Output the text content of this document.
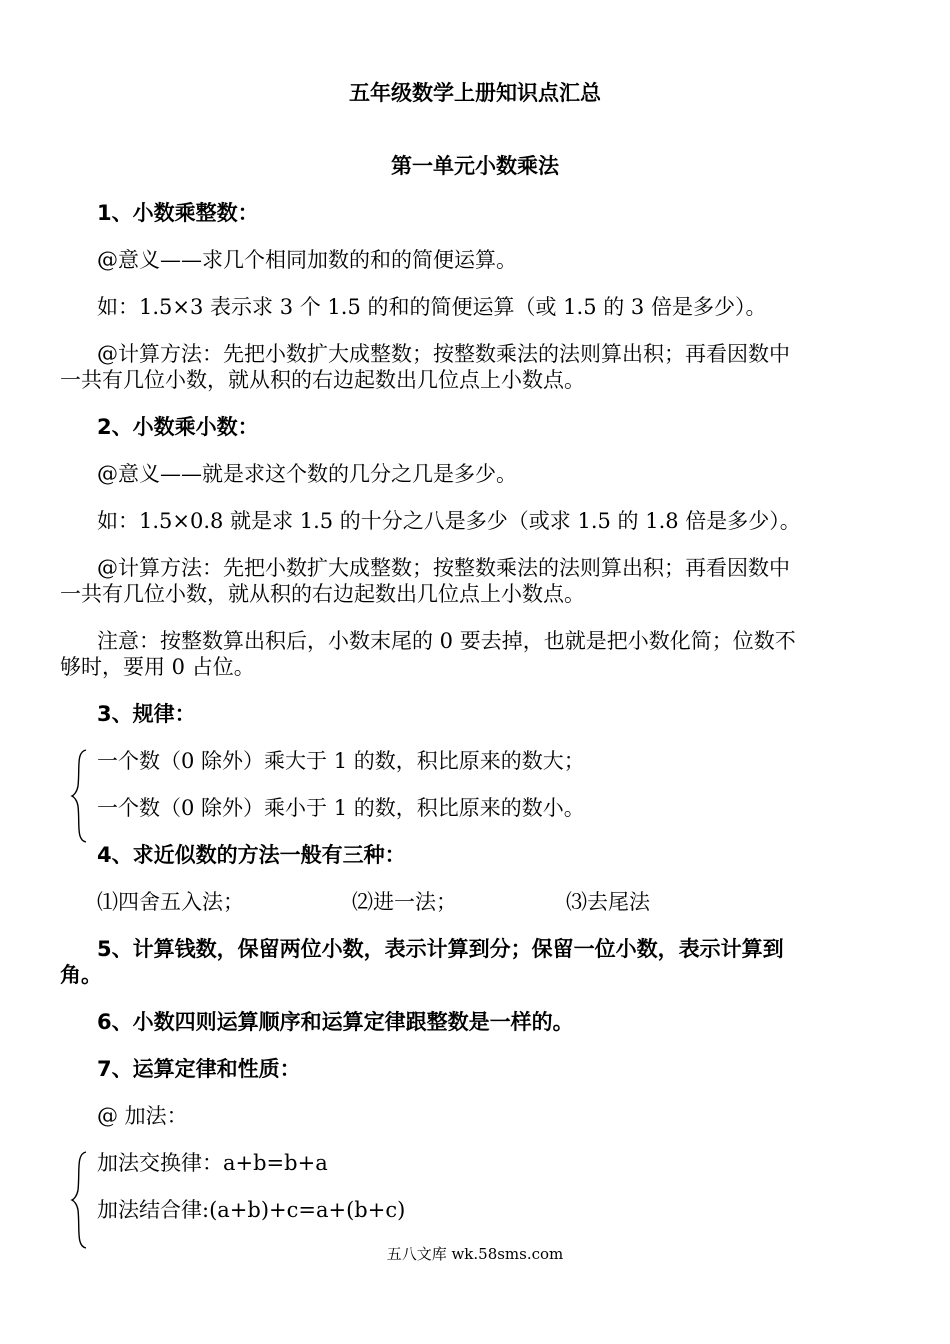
五年级数学上册知识点汇总
第一单元小数乘法
1、小数乘整数：
@意义——求几个相同加数的和的简便运算。
如：1.5×3 表示求 3 个 1.5 的和的简便运算（或 1.5 的 3 倍是多少）。
@计算方法：先把小数扩大成整数；按整数乘法的法则算出积；再看因数中
一共有几位小数，就从积的右边起数出几位点上小数点。
2、小数乘小数：
@意义——就是求这个数的几分之几是多少。
如：1.5×0.8 就是求 1.5 的十分之八是多少（或求 1.5 的 1.8 倍是多少）。
@计算方法：先把小数扩大成整数；按整数乘法的法则算出积；再看因数中
一共有几位小数，就从积的右边起数出几位点上小数点。
注意：按整数算出积后，小数末尾的 0 要去掉，也就是把小数化简；位数不
够时，要用 0 占位。
3、规律：
一个数（0 除外）乘大于 1 的数，积比原来的数大；
一个数（0 除外）乘小于 1 的数，积比原来的数小。
4、求近似数的方法一般有三种：
⑴四舍五入法；	⑵进一法；	⑶去尾法
5、计算钱数，保留两位小数，表示计算到分；保留一位小数，表示计算到
角。
6、小数四则运算顺序和运算定律跟整数是一样的。
7、运算定律和性质：
@ 加法：
加法交换律：a+b=b+a
加法结合律:(a+b)+c=a+(b+c)
五八文库 wk.58sms.com
